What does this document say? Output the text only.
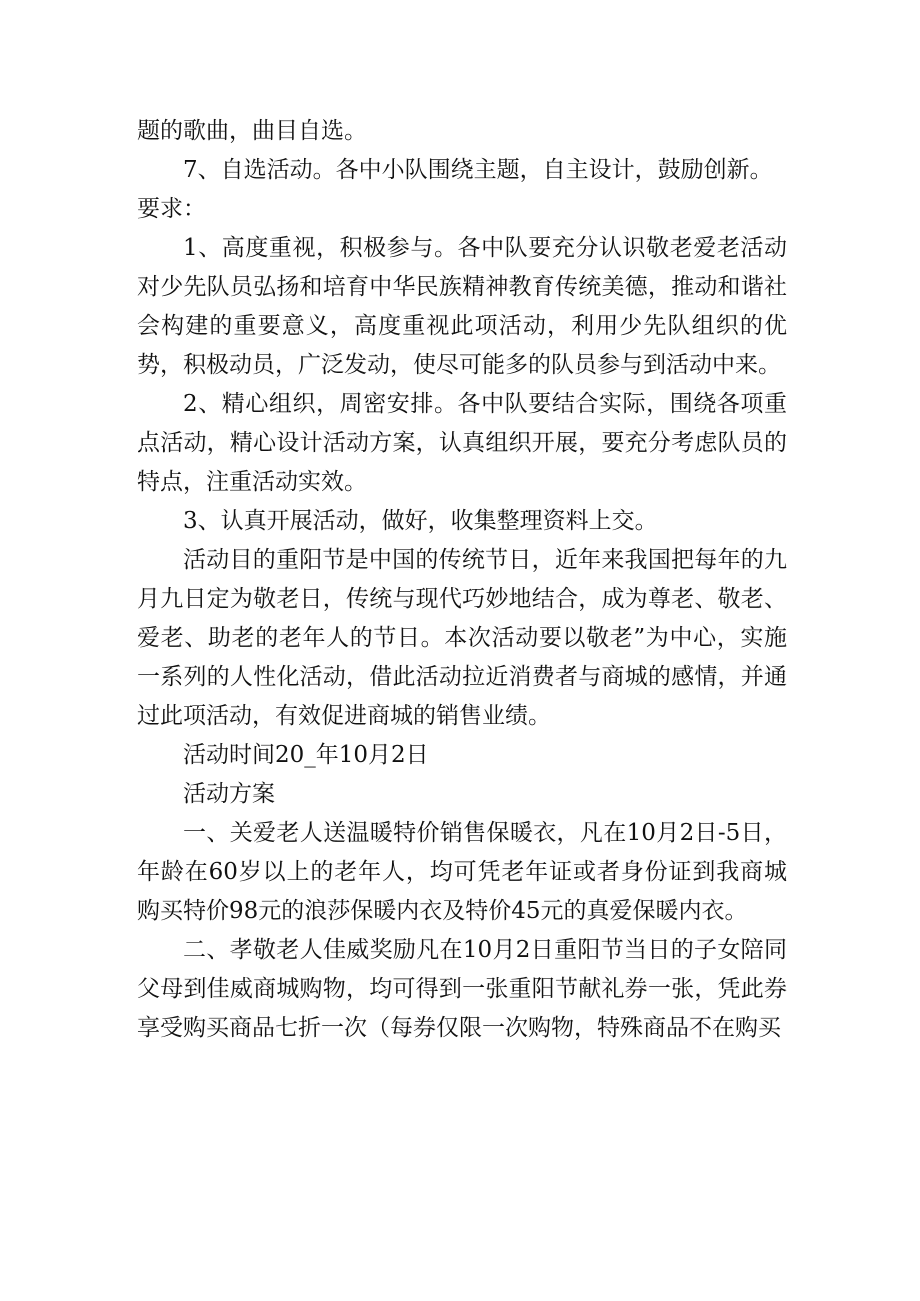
题的歌曲，曲目自选。

7、自选活动。各中小队围绕主题，自主设计，鼓励创新。

要求：

1、高度重视，积极参与。各中队要充分认识敬老爱老活动对少先队员弘扬和培育中华民族精神教育传统美德，推动和谐社会构建的重要意义，高度重视此项活动，利用少先队组织的优势，积极动员，广泛发动，使尽可能多的队员参与到活动中来。

2、精心组织，周密安排。各中队要结合实际，围绕各项重点活动，精心设计活动方案，认真组织开展，要充分考虑队员的特点，注重活动实效。

3、认真开展活动，做好，收集整理资料上交。

活动目的重阳节是中国的传统节日，近年来我国把每年的九月九日定为敬老日，传统与现代巧妙地结合，成为尊老、敬老、爱老、助老的老年人的节日。本次活动要以敬老”为中心，实施一系列的人性化活动，借此活动拉近消费者与商城的感情，并通过此项活动，有效促进商城的销售业绩。

活动时间20_年10月2日

活动方案

一、关爱老人送温暖特价销售保暖衣，凡在10月2日-5日，年龄在60岁以上的老年人，均可凭老年证或者身份证到我商城购买特价98元的浪莎保暖内衣及特价45元的真爱保暖内衣。

二、孝敬老人佳威奖励凡在10月2日重阳节当日的子女陪同父母到佳威商城购物，均可得到一张重阳节献礼券一张，凭此券享受购买商品七折一次（每券仅限一次购物，特殊商品不在购买
